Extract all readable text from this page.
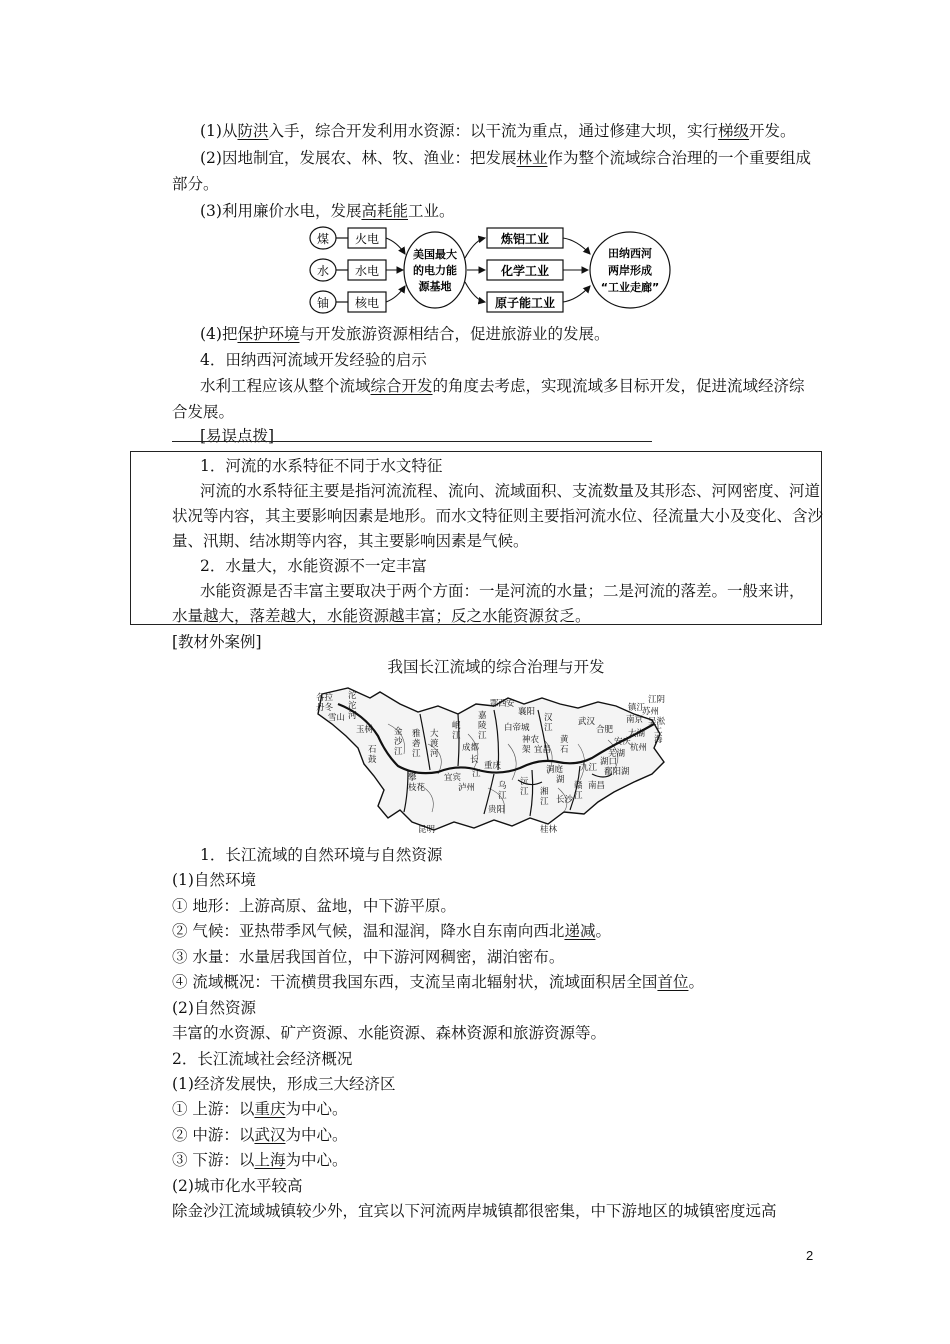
(1)从防洪入手，综合开发利用水资源：以干流为重点，通过修建大坝，实行梯级开发。

(2)因地制宜，发展农、林、牧、渔业：把发展林业作为整个流域综合治理的一个重要组成

部分。

(3)利用廉价水电，发展高耗能工业。

煤
水
铀
火电
水电
核电
美国最大
的电力能
源基地
炼铝工业
化学工业
原子能工业
田纳西河
两岸形成
“工业走廊”

(4)把保护环境与开发旅游资源相结合，促进旅游业的发展。

4．田纳西河流域开发经验的启示

水利工程应该从整个流域综合开发的角度去考虑，实现流域多目标开发，促进流域经济综

合发展。

[易误点拨]

1．河流的水系特征不同于水文特征

河流的水系特征主要是指河流流程、流向、流域面积、支流数量及其形态、河网密度、河道

状况等内容，其主要影响因素是地形。而水文特征则主要指河流水位、径流量大小及变化、含沙

量、汛期、结冰期等内容，其主要影响因素是气候。

2．水量大，水能资源不一定丰富

水能资源是否丰富主要取决于两个方面：一是河流的水量；二是河流的落差。一般来讲，

水量越大，落差越大，水能资源越丰富；反之水能资源贫乏。

[教材外案例]

我国长江流域的综合治理与开发

各拉
丹冬
雪山
沱
沱
河
玉树 金
沙
江
雅
砻
江
大
渡
河
岷
江
成都
嘉
陵
江
宜宾
重庆
泸州	乌
江
贵阳
长
江
攀
枝花
昆明
汉
江
襄阳
武汉
宜昌
白帝城
神农
架
洞庭
湖
沅
江 湘
江 长沙
南昌
赣
江
鄱阳湖
桂林
湖口
九江
安庆
芜湖
合肥
南京
镇江
江阴
吴淞
上
海
太湖
杭州
苏州
黄
石
鄂 西 安
石
鼓

1．长江流域的自然环境与自然资源

(1)自然环境

① 地形：上游高原、盆地，中下游平原。

② 气候：亚热带季风气候，温和湿润，降水自东南向西北递减。

③ 水量：水量居我国首位，中下游河网稠密，湖泊密布。

④ 流域概况：干流横贯我国东西，支流呈南北辐射状，流域面积居全国首位。

(2)自然资源

丰富的水资源、矿产资源、水能资源、森林资源和旅游资源等。

2．长江流域社会经济概况

(1)经济发展快，形成三大经济区

① 上游：以重庆为中心。

② 中游：以武汉为中心。

③ 下游：以上海为中心。

(2)城市化水平较高

除金沙江流域城镇较少外，宜宾以下河流两岸城镇都很密集，中下游地区的城镇密度远高

2
